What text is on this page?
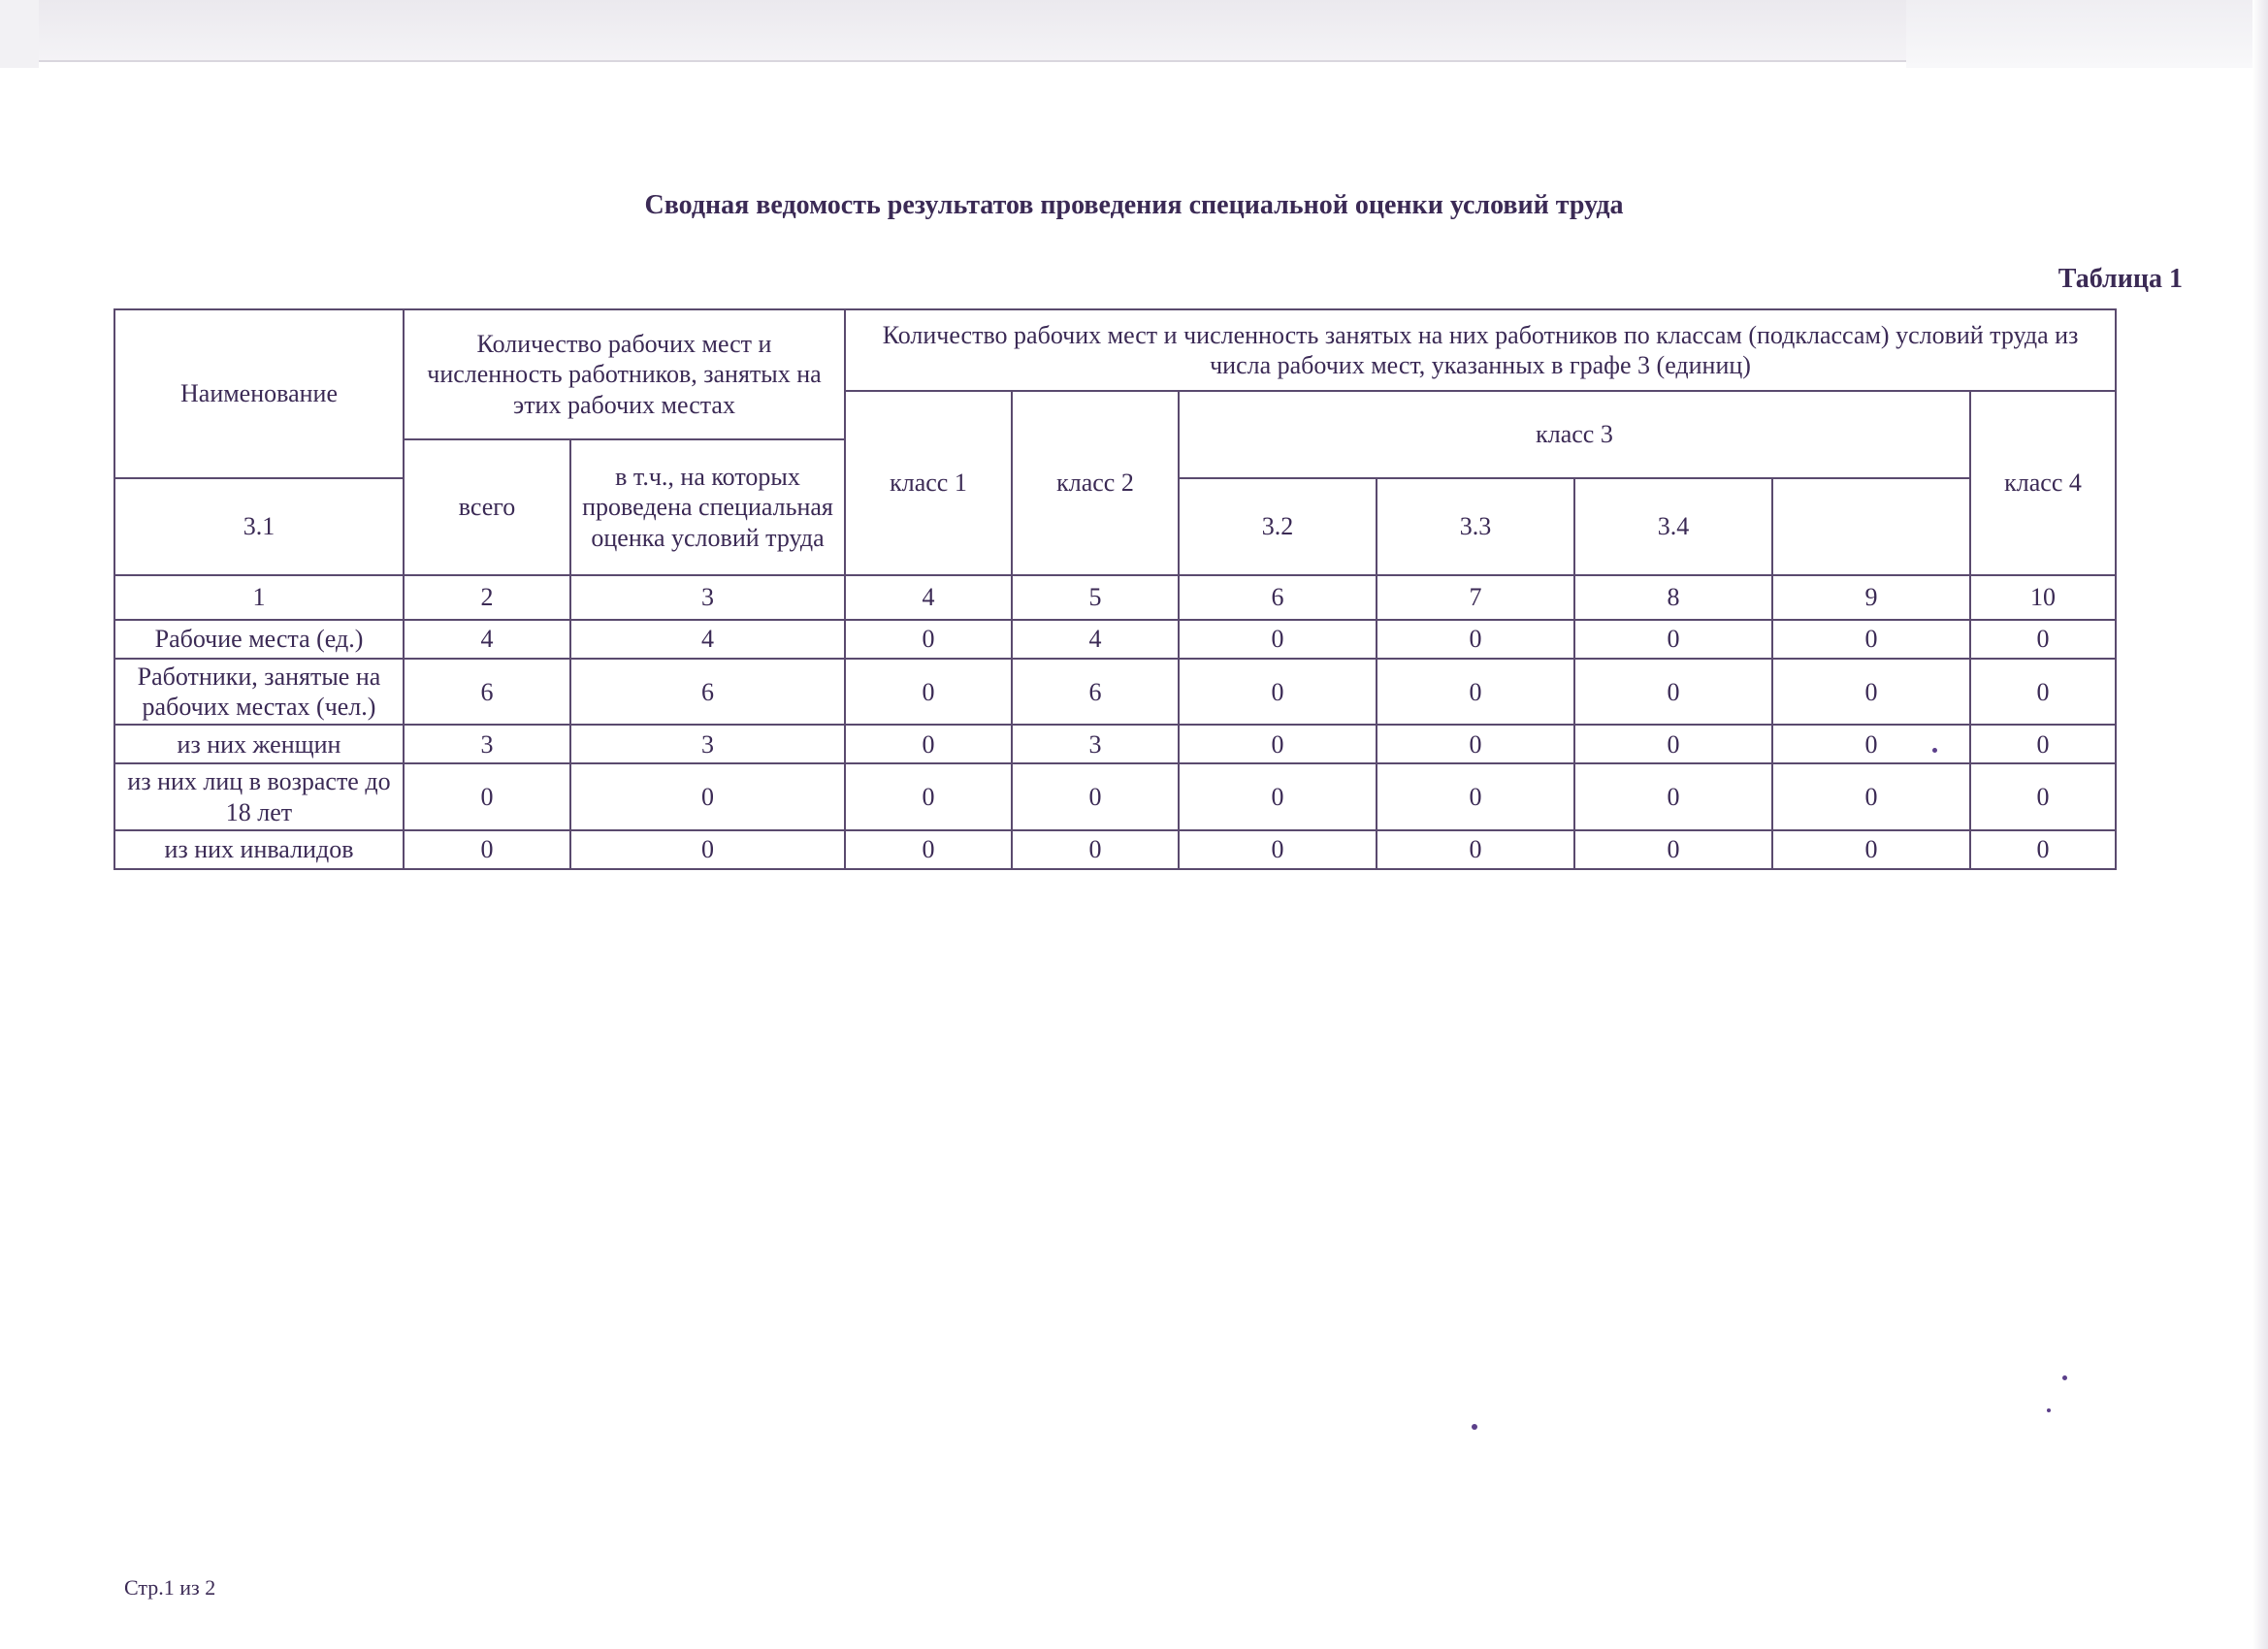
Сводная ведомость результатов проведения специальной оценки условий труда
Таблица 1
Наименование	Количество рабочих мест и численность работников, занятых на этих рабочих местах		Количество рабочих мест и численность занятых на них работников по классам (подклассам) условий труда из числа рабочих мест, указанных в графе 3 (единиц)						
			класс 1	класс 2	класс 3				класс 4
	всего	в т.ч., на которых проведена специальная оценка условий труда							
3.1					3.2	3.3	3.4		
1	2	3	4	5	6	7	8	9	10
Рабочие места (ед.)	4	4	0	4	0	0	0	0	0
Работники, занятые на рабочих местах (чел.)	6	6	0	6	0	0	0	0	0
из них женщин	3	3	0	3	0	0	0	0	0
из них лиц в возрасте до 18 лет	0	0	0	0	0	0	0	0	0
из них инвалидов	0	0	0	0	0	0	0	0	0
Стр.1 из 2
